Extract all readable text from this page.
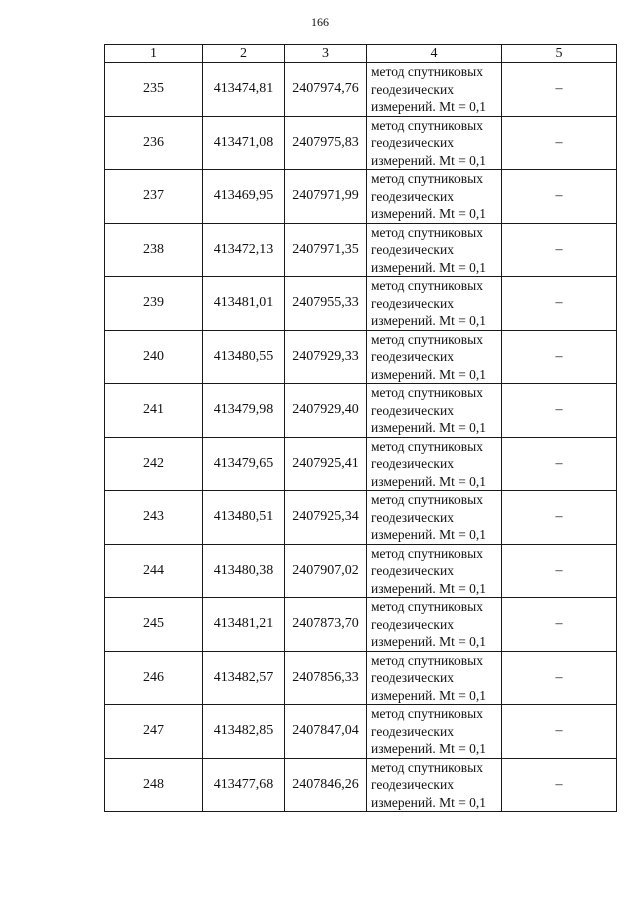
166
1	2	3	4	5
235	413474,81	2407974,76	метод спутниковых
геодезических
измерений. Mt = 0,1	–
236	413471,08	2407975,83	метод спутниковых
геодезических
измерений. Mt = 0,1	–
237	413469,95	2407971,99	метод спутниковых
геодезических
измерений. Mt = 0,1	–
238	413472,13	2407971,35	метод спутниковых
геодезических
измерений. Mt = 0,1	–
239	413481,01	2407955,33	метод спутниковых
геодезических
измерений. Mt = 0,1	–
240	413480,55	2407929,33	метод спутниковых
геодезических
измерений. Mt = 0,1	–
241	413479,98	2407929,40	метод спутниковых
геодезических
измерений. Mt = 0,1	–
242	413479,65	2407925,41	метод спутниковых
геодезических
измерений. Mt = 0,1	–
243	413480,51	2407925,34	метод спутниковых
геодезических
измерений. Mt = 0,1	–
244	413480,38	2407907,02	метод спутниковых
геодезических
измерений. Mt = 0,1	–
245	413481,21	2407873,70	метод спутниковых
геодезических
измерений. Mt = 0,1	–
246	413482,57	2407856,33	метод спутниковых
геодезических
измерений. Mt = 0,1	–
247	413482,85	2407847,04	метод спутниковых
геодезических
измерений. Mt = 0,1	–
248	413477,68	2407846,26	метод спутниковых
геодезических
измерений. Mt = 0,1	–
